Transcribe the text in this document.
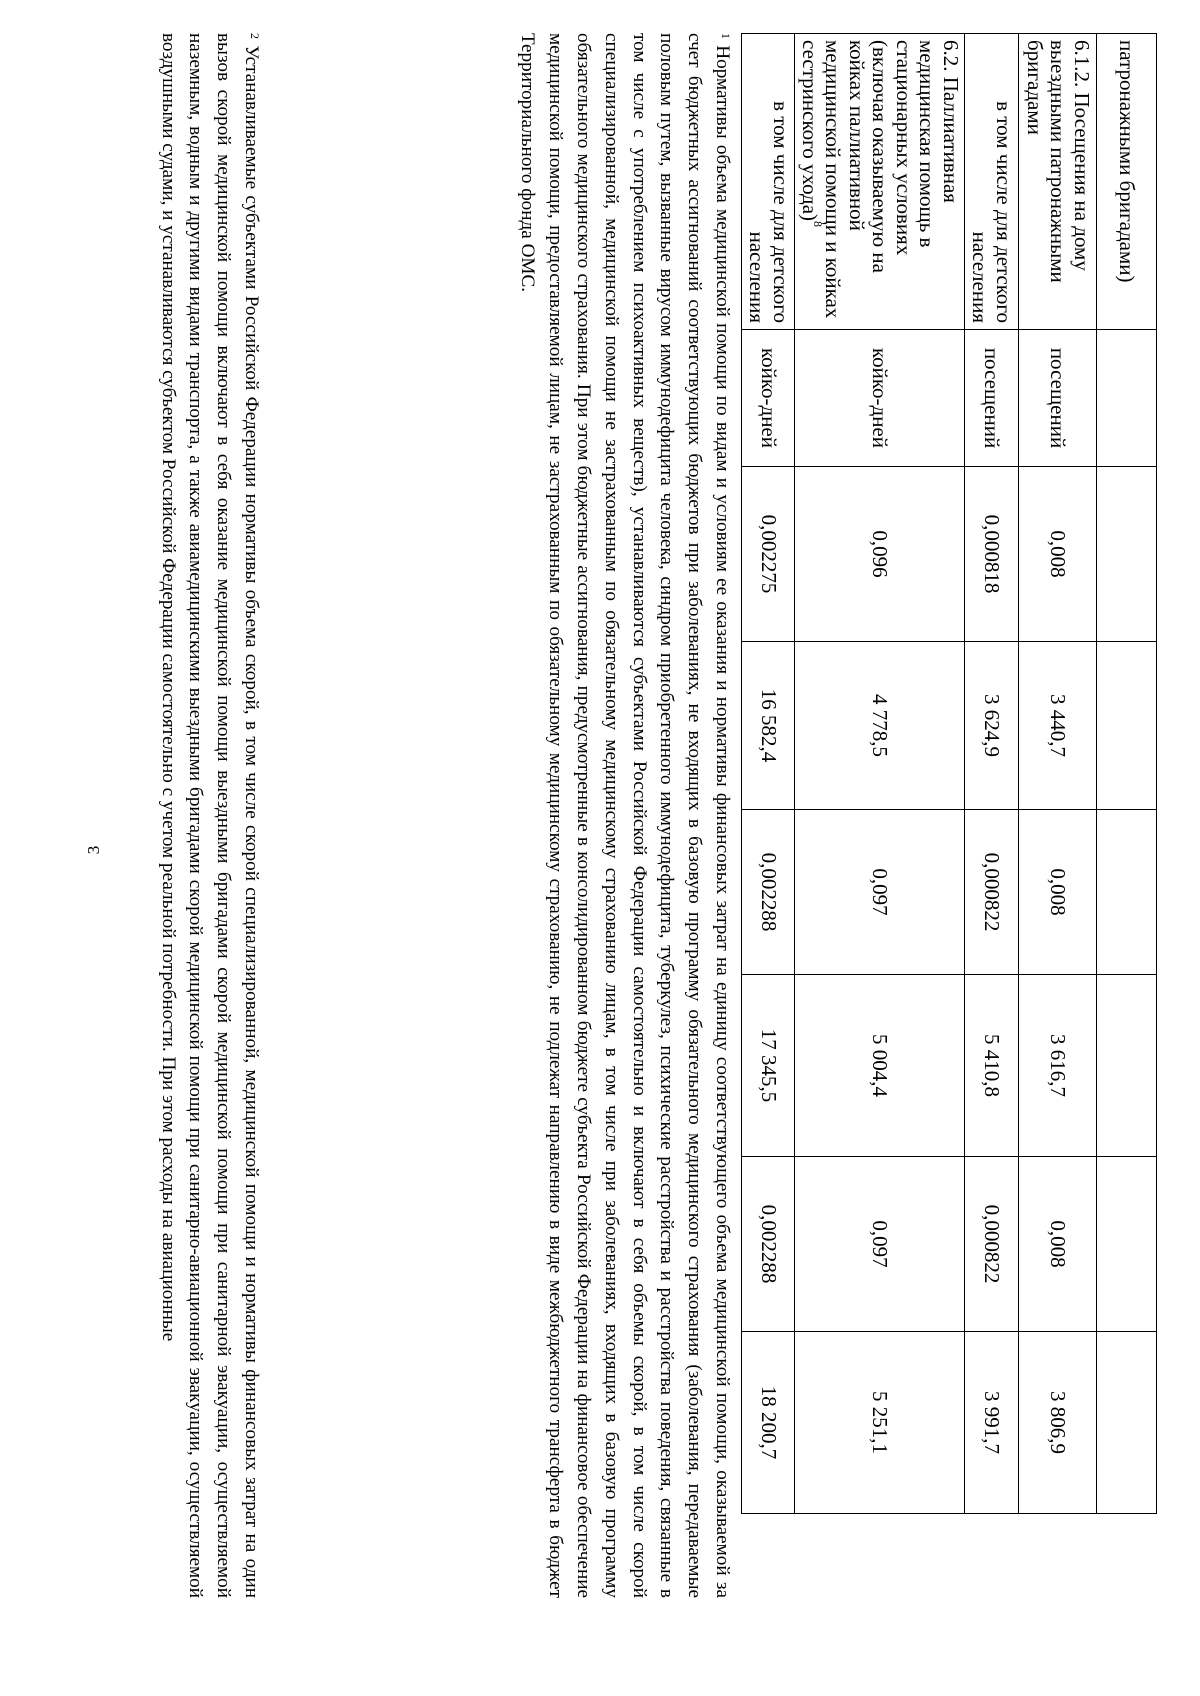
3
патронажными бригадами)							
6.1.2. Посещения на дому выездными патронажными бригадами	посещений	0,008	3 440,7	0,008	3 616,7	0,008	3 806,9
в том числе для детского населения	посещений	0,000818	3 624,9	0,000822	5 410,8	0,000822	3 991,7
6.2. Паллиативная медицинская помощь в стационарных условиях (включая оказываемую на койках паллиативной медицинской помощи и койках сестринского ухода)$^8$	койко-дней	0,096	4 778,5	0,097	5 004,4	0,097	5 251,1
в том числе для детского населения	койко-дней	0,002275	16 582,4	0,002288	17 345,5	0,002288	18 200,7
$^1$ Нормативы объема медицинской помощи по видам и условиям ее оказания и нормативы финансовых затрат на единицу соответствующего объема медицинской помощи, оказываемой за счет бюджетных ассигнований соответствующих бюджетов при заболеваниях, не входящих в базовую программу обязательного медицинского страхования (заболевания, передаваемые половым путем, вызванные вирусом иммунодефицита человека, синдром приобретенного иммунодефицита, туберкулез, психические расстройства и расстройства поведения, связанные в том числе с употреблением психоактивных веществ), устанавливаются субъектами Российской Федерации самостоятельно и включают в себя объемы скорой, в том числе скорой специализированной, медицинской помощи не застрахованным по обязательному медицинскому страхованию лицам, в том числе при заболеваниях, входящих в базовую программу обязательного медицинского страхования. При этом бюджетные ассигнования, предусмотренные в консолидированном бюджете субъекта Российской Федерации на финансовое обеспечение медицинской помощи, предоставляемой лицам, не застрахованным по обязательному медицинскому страхованию, не подлежат направлению в виде межбюджетного трансферта в бюджет Территориального фонда ОМС.
$^2$ Устанавливаемые субъектами Российской Федерации нормативы объема скорой, в том числе скорой специализированной, медицинской помощи и нормативы финансовых затрат на один вызов скорой медицинской помощи включают в себя оказание медицинской помощи выездными бригадами скорой медицинской помощи при санитарной эвакуации, осуществляемой наземным, водным и другими видами транспорта, а также авиамедицинскими выездными бригадами скорой медицинской помощи при санитарно-авиационной эвакуации, осуществляемой воздушными судами, и устанавливаются субъектом Российской Федерации самостоятельно с учетом реальной потребности. При этом расходы на авиационные
